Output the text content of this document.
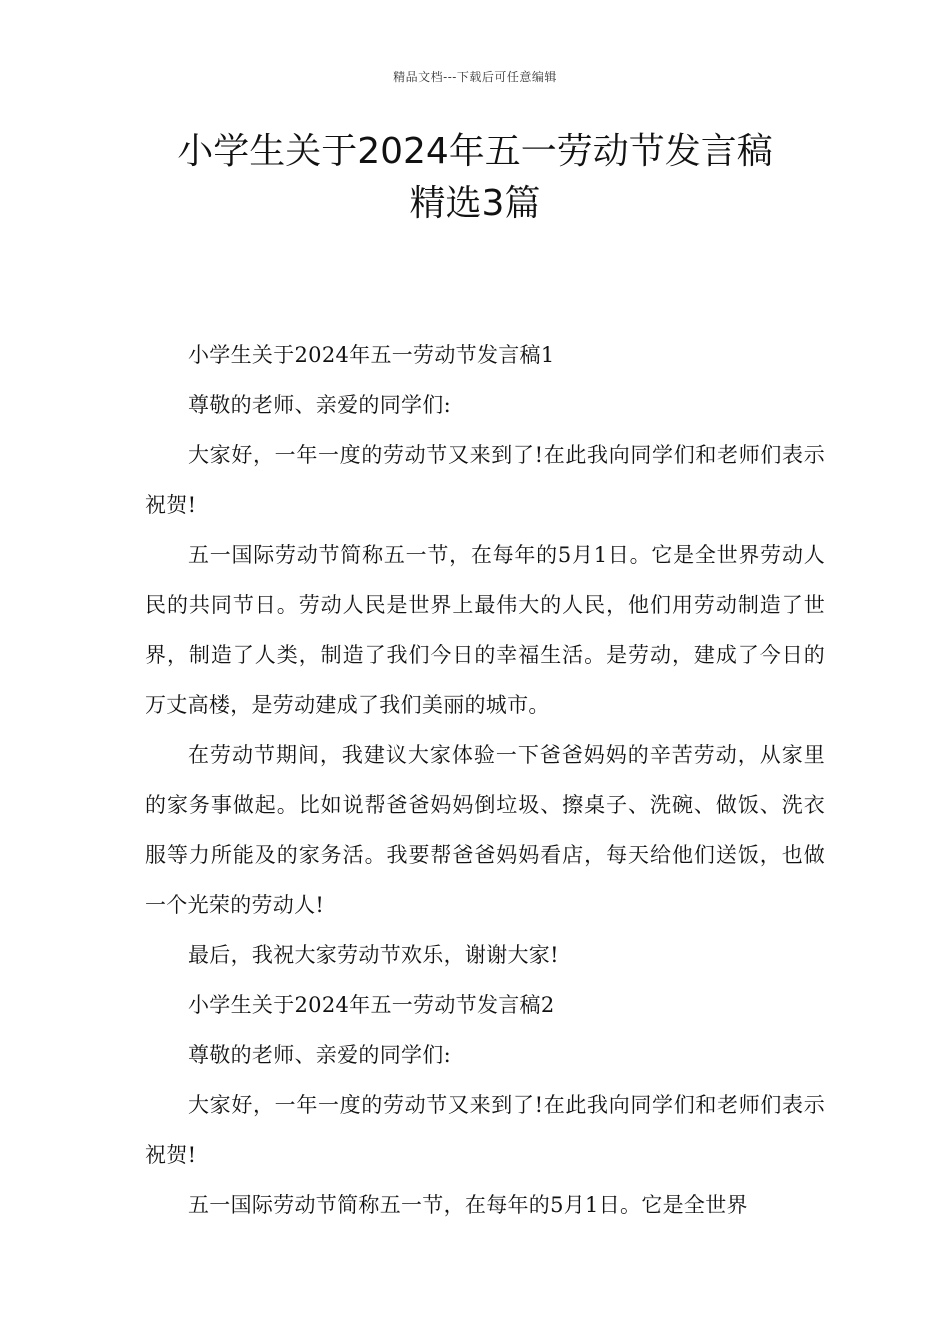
精品文档---下载后可任意编辑
小学生关于2024年五一劳动节发言稿
精选3篇

小学生关于2024年五一劳动节发言稿1

尊敬的老师、亲爱的同学们:

大家好，一年一度的劳动节又来到了!在此我向同学们和老师们表示祝贺!

五一国际劳动节简称五一节，在每年的5月1日。它是全世界劳动人民的共同节日。劳动人民是世界上最伟大的人民，他们用劳动制造了世界，制造了人类，制造了我们今日的幸福生活。是劳动，建成了今日的万丈高楼，是劳动建成了我们美丽的城市。

在劳动节期间，我建议大家体验一下爸爸妈妈的辛苦劳动，从家里的家务事做起。比如说帮爸爸妈妈倒垃圾、擦桌子、洗碗、做饭、洗衣服等力所能及的家务活。我要帮爸爸妈妈看店，每天给他们送饭，也做一个光荣的劳动人!

最后，我祝大家劳动节欢乐，谢谢大家!

小学生关于2024年五一劳动节发言稿2

尊敬的老师、亲爱的同学们:

大家好，一年一度的劳动节又来到了!在此我向同学们和老师们表示祝贺!

五一国际劳动节简称五一节，在每年的5月1日。它是全世界
